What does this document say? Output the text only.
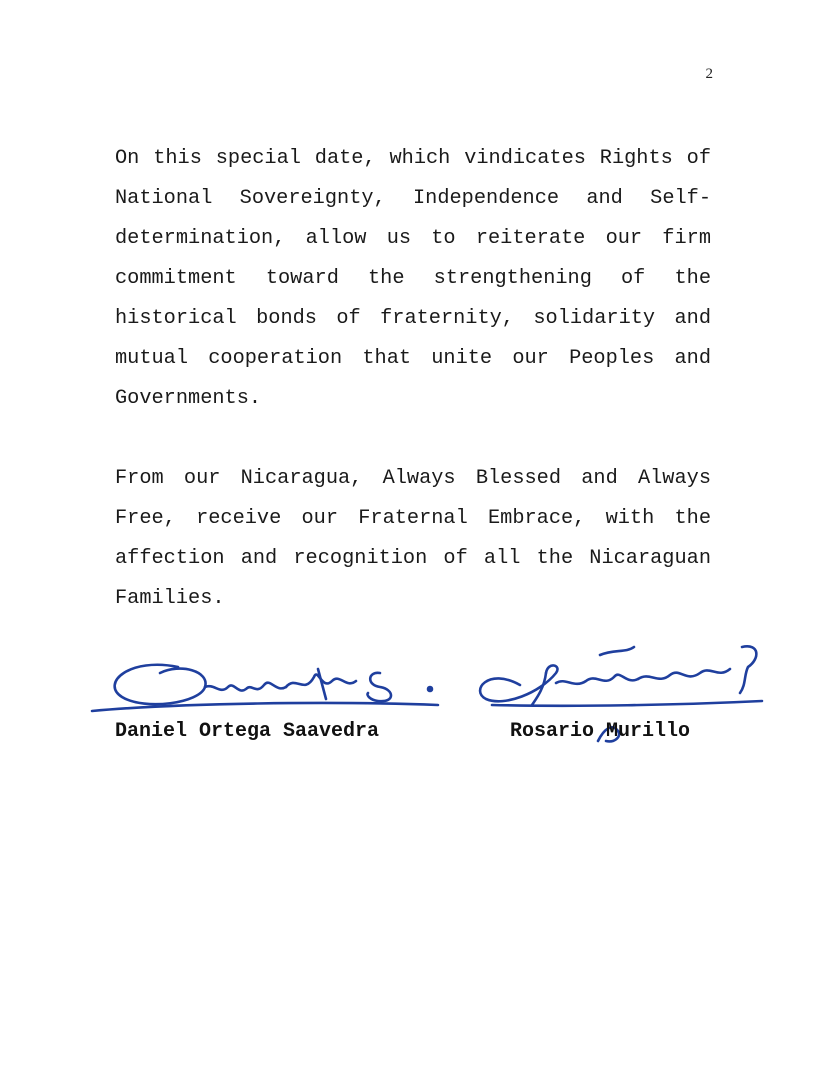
2

On this special date, which vindicates Rights of National Sovereignty, Independence and Self-determination, allow us to reiterate our firm commitment toward the strengthening of the historical bonds of fraternity, solidarity and mutual cooperation that unite our Peoples and Governments.

From our Nicaragua, Always Blessed and Always Free, receive our Fraternal Embrace, with the affection and recognition of all the Nicaraguan Families.

Daniel Ortega Saavedra	Rosario Murillo
